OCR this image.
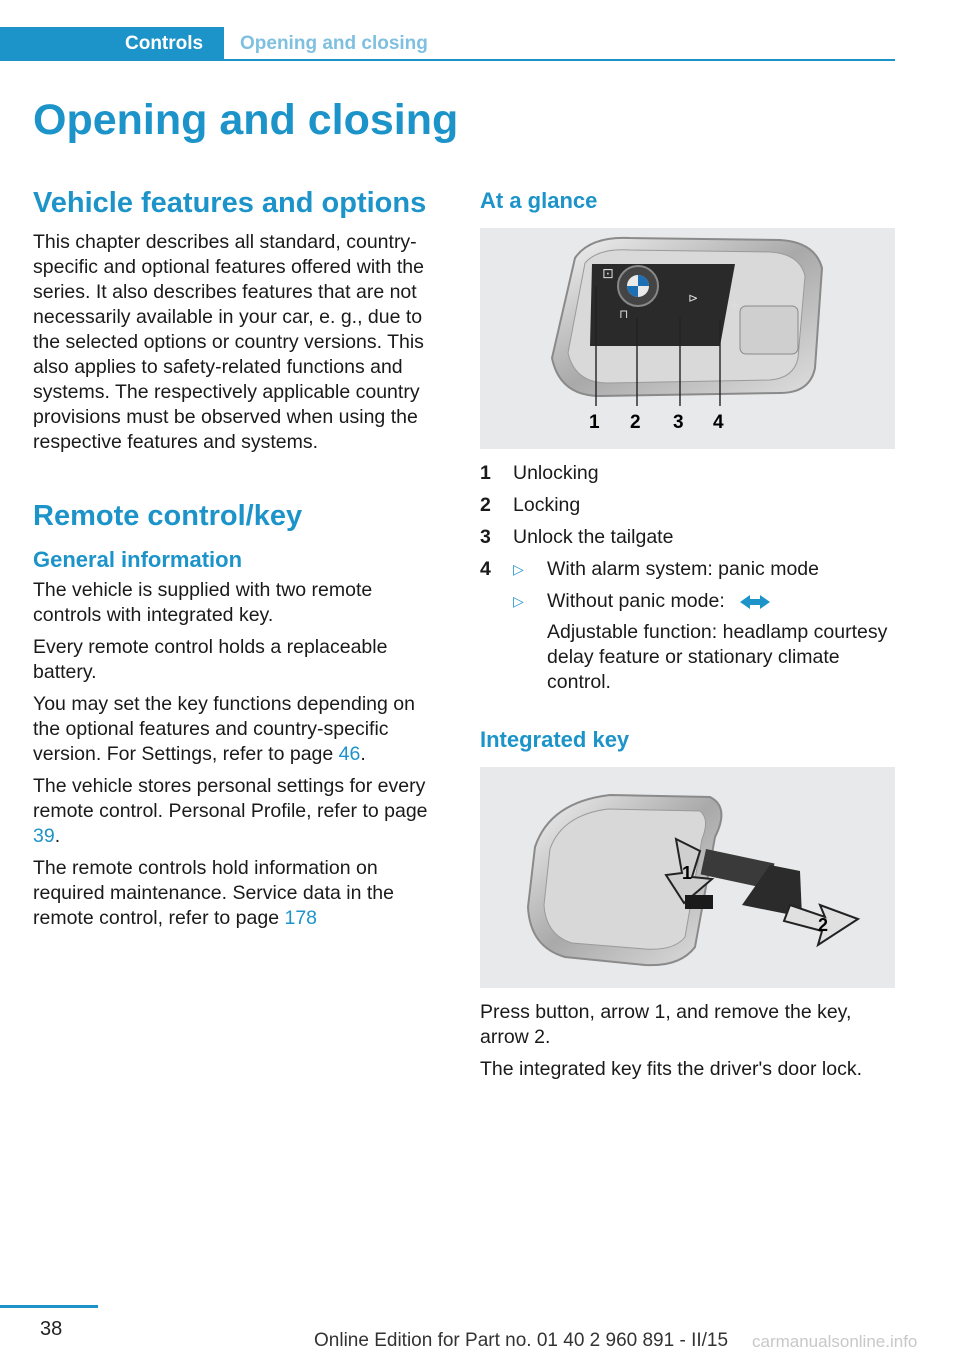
Controls	Opening and closing
Opening and closing
Vehicle features and options

This chapter describes all standard, country-specific and optional features offered with the series. It also describes features that are not necessarily available in your car, e. g., due to the selected options or country versions. This also applies to safety-related functions and systems. The respectively applicable country provisions must be observed when using the respective features and systems.

Remote control/key
General information

The vehicle is supplied with two remote controls with integrated key.

Every remote control holds a replaceable battery.

You may set the key functions depending on the optional features and country-specific version. For Settings, refer to page 46.

The vehicle stores personal settings for every remote control. Personal Profile, refer to page 39.

The remote controls hold information on required maintenance. Service data in the remote control, refer to page 178

At a glance
⊡
⊓
⊳	◈
1 2 3 4
1	Unlocking
2	Locking
3	Unlock the tailgate
4	▷	With alarm system: panic mode
▷	Without panic mode:
Adjustable function: headlamp courtesy delay feature or stationary climate control.
Integrated key
1
2

Press button, arrow 1, and remove the key, arrow 2.

The integrated key fits the driver's door lock.

38
Online Edition for Part no. 01 40 2 960 891 - II/15 carmanualsonline.info
